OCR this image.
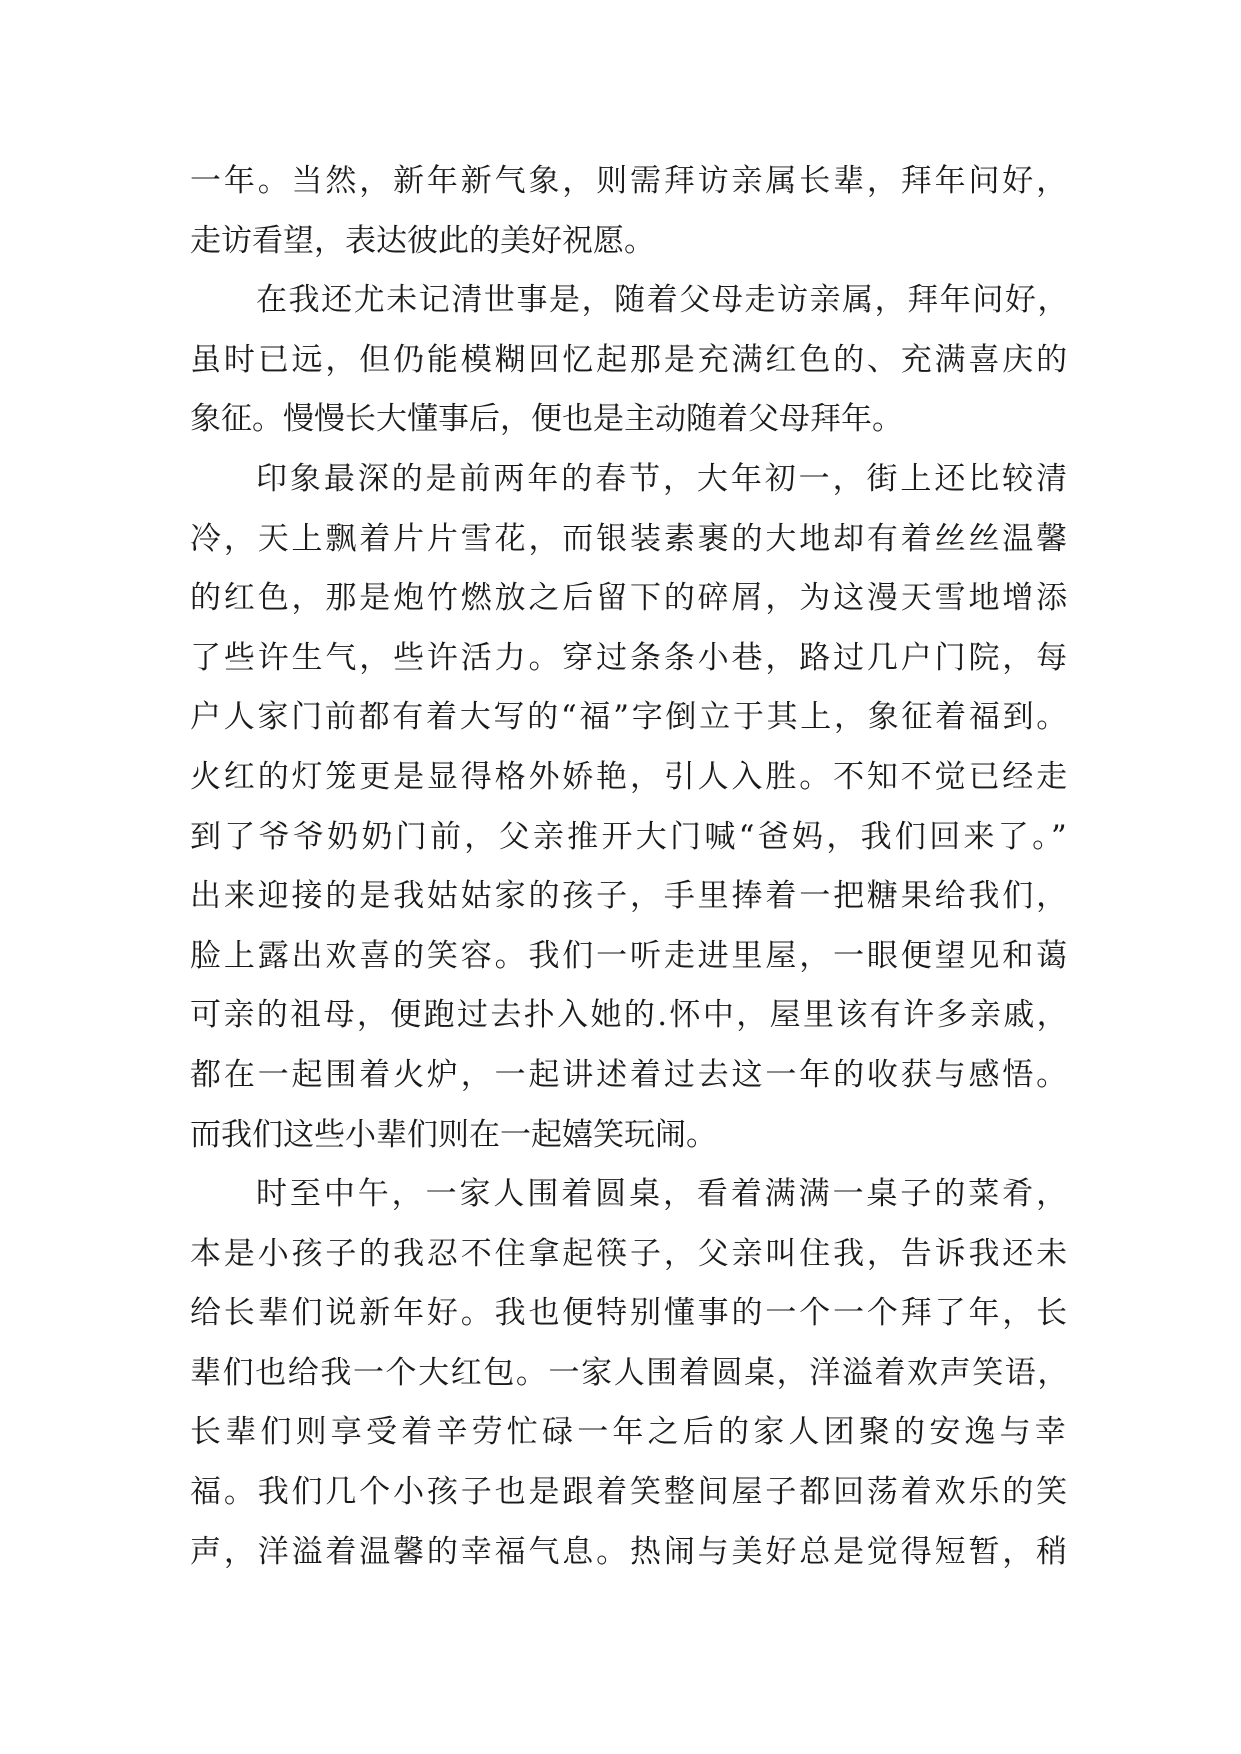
一年。当然，新年新气象，则需拜访亲属长辈，拜年问好，
走访看望，表达彼此的美好祝愿。
在我还尤未记清世事是，随着父母走访亲属，拜年问好，
虽时已远，但仍能模糊回忆起那是充满红色的、充满喜庆的
象征。慢慢长大懂事后，便也是主动随着父母拜年。
印象最深的是前两年的春节，大年初一，街上还比较清
冷，天上飘着片片雪花，而银装素裹的大地却有着丝丝温馨
的红色，那是炮竹燃放之后留下的碎屑，为这漫天雪地增添
了些许生气，些许活力。穿过条条小巷，路过几户门院，每
户人家门前都有着大写的“福”字倒立于其上，象征着福到。
火红的灯笼更是显得格外娇艳，引人入胜。不知不觉已经走
到了爷爷奶奶门前，父亲推开大门喊“爸妈，我们回来了。”
出来迎接的是我姑姑家的孩子，手里捧着一把糖果给我们，
脸上露出欢喜的笑容。我们一听走进里屋，一眼便望见和蔼
可亲的祖母，便跑过去扑入她的.怀中，屋里该有许多亲戚，
都在一起围着火炉，一起讲述着过去这一年的收获与感悟。
而我们这些小辈们则在一起嬉笑玩闹。
时至中午，一家人围着圆桌，看着满满一桌子的菜肴，
本是小孩子的我忍不住拿起筷子，父亲叫住我，告诉我还未
给长辈们说新年好。我也便特别懂事的一个一个拜了年，长
辈们也给我一个大红包。一家人围着圆桌，洋溢着欢声笑语，
长辈们则享受着辛劳忙碌一年之后的家人团聚的安逸与幸
福。我们几个小孩子也是跟着笑整间屋子都回荡着欢乐的笑
声，洋溢着温馨的幸福气息。热闹与美好总是觉得短暂，稍
